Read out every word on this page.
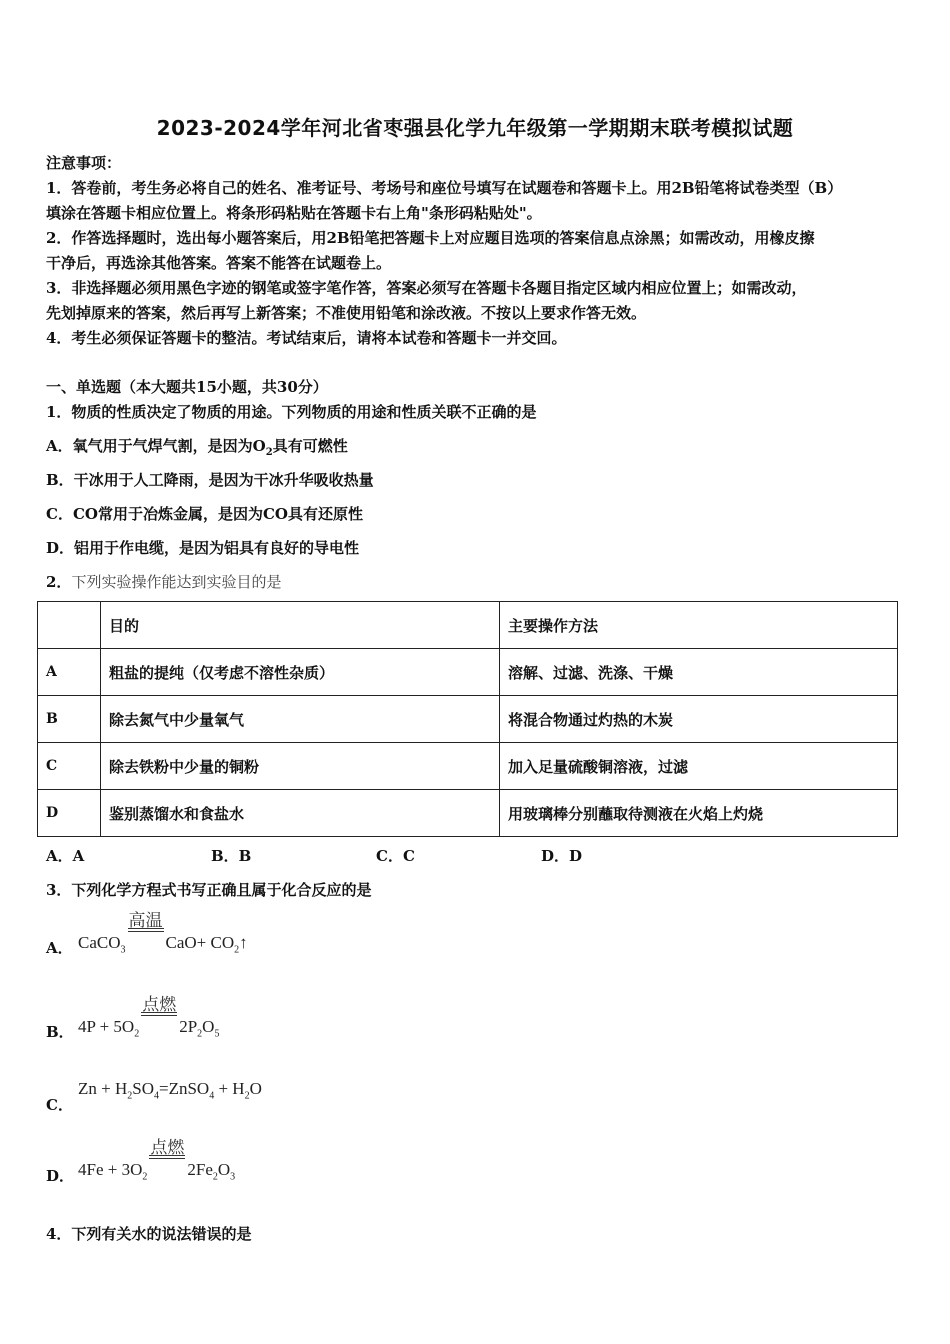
2023-2024学年河北省枣强县化学九年级第一学期期末联考模拟试题
注意事项：
1．答卷前，考生务必将自己的姓名、准考证号、考场号和座位号填写在试题卷和答题卡上。用2B铅笔将试卷类型（B）
填涂在答题卡相应位置上。将条形码粘贴在答题卡右上角"条形码粘贴处"。
2．作答选择题时，选出每小题答案后，用2B铅笔把答题卡上对应题目选项的答案信息点涂黑；如需改动，用橡皮擦
干净后，再选涂其他答案。答案不能答在试题卷上。
3．非选择题必须用黑色字迹的钢笔或签字笔作答，答案必须写在答题卡各题目指定区域内相应位置上；如需改动，
先划掉原来的答案，然后再写上新答案；不准使用铅笔和涂改液。不按以上要求作答无效。
4．考生必须保证答题卡的整洁。考试结束后，请将本试卷和答题卡一并交回。
一、单选题（本大题共15小题，共30分）
1．物质的性质决定了物质的用途。下列物质的用途和性质关联不正确的是
A．氧气用于气焊气割，是因为$O_2$具有可燃性
B．干冰用于人工降雨，是因为干冰升华吸收热量
C．CO常用于冶炼金属，是因为CO具有还原性
D．铝用于作电缆，是因为铝具有良好的导电性
2．下列实验操作能达到实验目的是
	目的	主要操作方法
A	粗盐的提纯（仅考虑不溶性杂质）	溶解、过滤、洗涤、干燥
B	除去氮气中少量氧气	将混合物通过灼热的木炭
C	除去铁粉中少量的铜粉	加入足量硫酸铜溶液，过滤
D	鉴别蒸馏水和食盐水	用玻璃棒分别蘸取待测液在火焰上灼烧
A．A	B．B	C．C	D．D
3．下列化学方程式书写正确且属于化合反应的是
A． CaCO$_3$
高温
$CaO+ CO_2↑$
B． $4P + 5O_2$
点燃
$2P_2O_5$
C．
$Zn + H_2SO_4=ZnSO_4 + H_2O$
D． $4Fe + 3O_2$
点燃
$2Fe_2O_3$
4．下列有关水的说法错误的是
